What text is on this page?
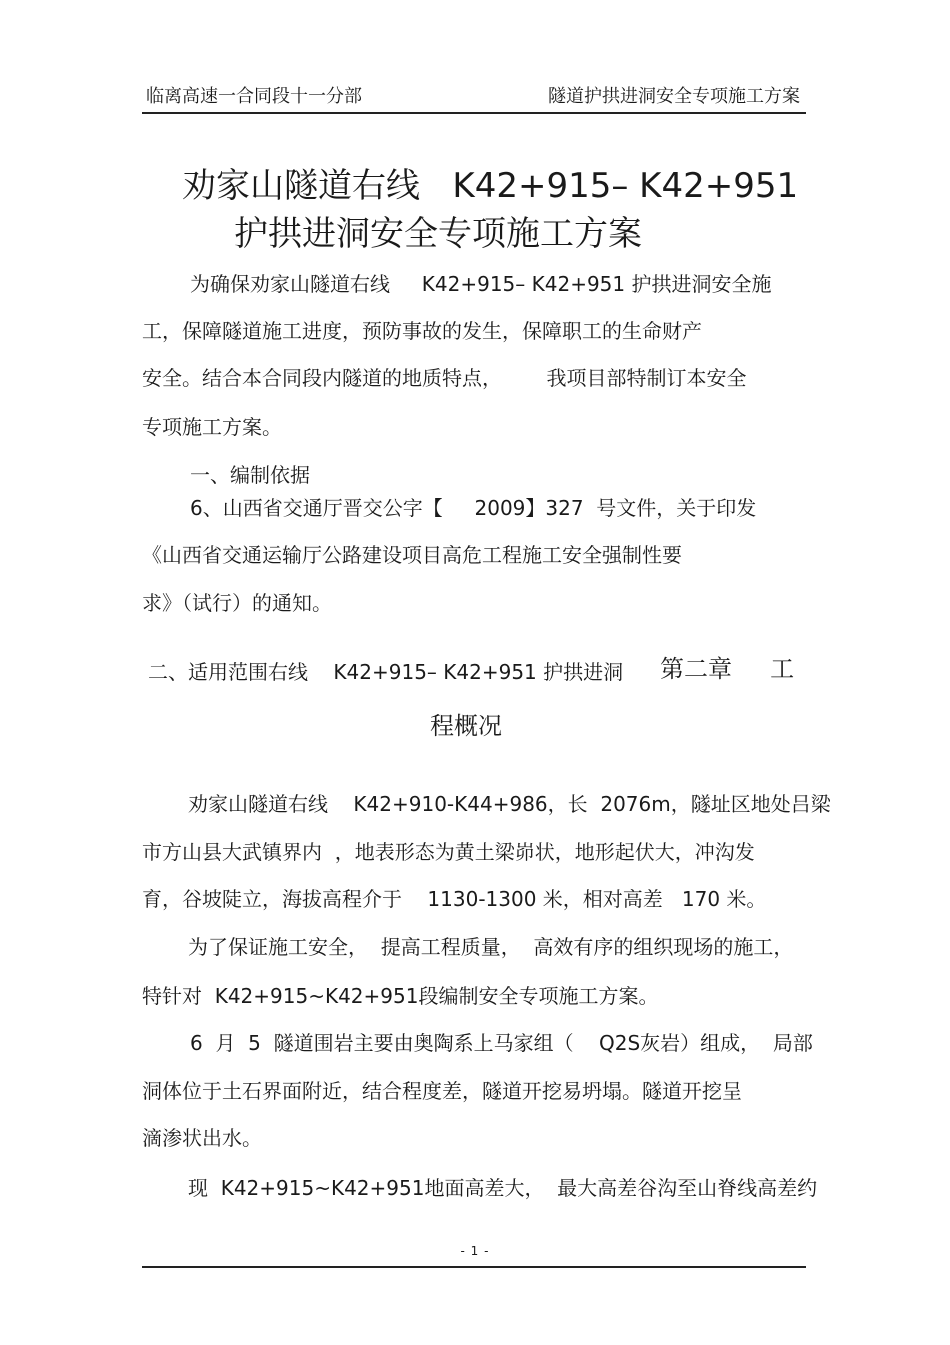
临离高速一合同段十一分部	隧道护拱进洞安全专项施工方案
劝家山隧道右线   K42+915– K42+951
护拱进洞安全专项施工方案
为确保劝家山隧道右线     K42+915– K42+951 护拱进洞安全施
工，保障隧道施工进度，预防事故的发生，保障职工的生命财产
安全。结合本合同段内隧道的地质特点，       我项目部特制订本安全
专项施工方案。
一、编制依据
6、山西省交通厅晋交公字【     2009】327  号文件，关于印发
《山西省交通运输厅公路建设项目高危工程施工安全强制性要
求》（试行）的通知。
二、适用范围右线    K42+915– K42+951 护拱进洞 第二章     工
程概况
劝家山隧道右线    K42+910-K44+986，长  2076m，隧址区地处吕梁
市方山县大武镇界内  ，地表形态为黄土梁峁状，地形起伏大，冲沟发
育，谷坡陡立，海拔高程介于    1130-1300 米，相对高差   170 米。
为了保证施工安全，  提高工程质量，  高效有序的组织现场的施工，
特针对  K42+915~K42+951段编制安全专项施工方案。
6  月  5  隧道围岩主要由奥陶系上马家组（    Q2S灰岩）组成，  局部
洞体位于土石界面附近，结合程度差，隧道开挖易坍塌。隧道开挖呈
滴渗状出水。
现  K42+915~K42+951地面高差大，  最大高差谷沟至山脊线高差约
- 1 -
